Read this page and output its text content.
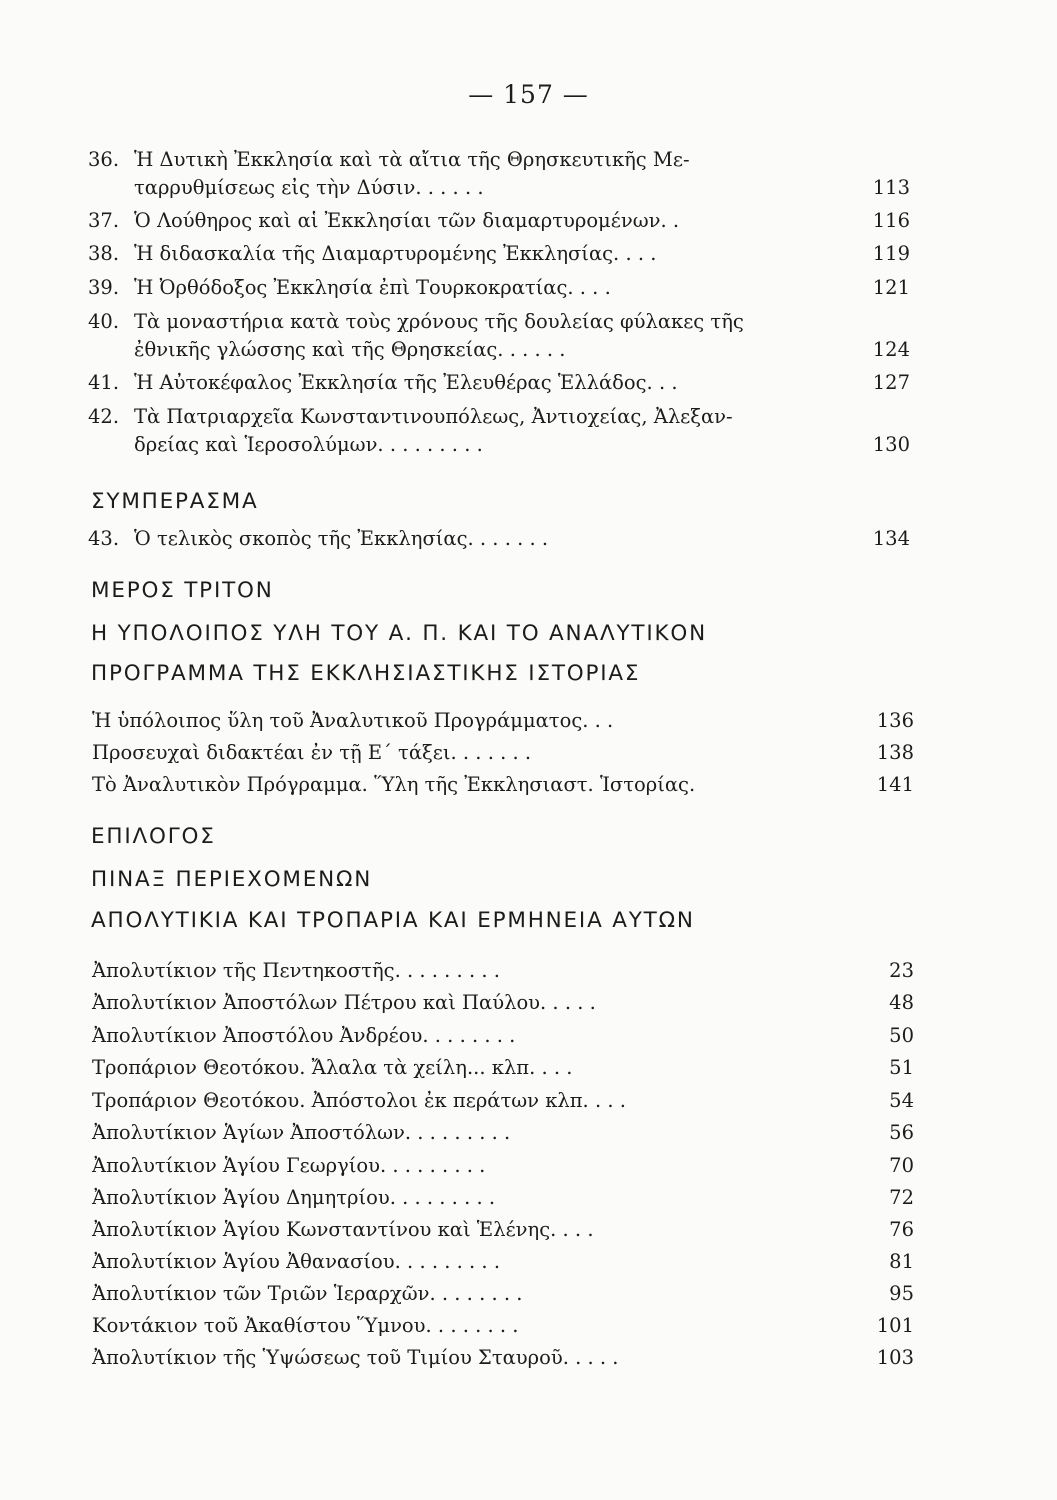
— 157 —
36. Ἡ Δυτικὴ Ἐκκλησία καὶ τὰ αἴτια τῆς Θρησκευτικῆς Με-
ταρρυθμίσεως εἰς τὴν Δύσιν. . . . . .	113
37. Ὁ Λούθηρος καὶ αἱ Ἐκκλησίαι τῶν διαμαρτυρομένων. .	116
38. Ἡ διδασκαλία τῆς Διαμαρτυρομένης Ἐκκλησίας. . . .	119
39. Ἡ Ὀρθόδοξος Ἐκκλησία ἐπὶ Τουρκοκρατίας. . . .	121
40. Τὰ μοναστήρια κατὰ τοὺς χρόνους τῆς δουλείας φύλακες τῆς
ἐθνικῆς γλώσσης καὶ τῆς Θρησκείας. . . . . .	124
41. Ἡ Αὐτοκέφαλος Ἐκκλησία τῆς Ἐλευθέρας Ἑλλάδος. . .	127
42. Τὰ Πατριαρχεῖα Κωνσταντινουπόλεως, Ἀντιοχείας, Ἀλεξαν-
δρείας καὶ Ἱεροσολύμων. . . . . . . . .	130
ΣΥΜΠΕΡΑΣΜΑ
43. Ὁ τελικὸς σκοπὸς τῆς Ἐκκλησίας. . . . . . .	134
ΜΕΡΟΣ ΤΡΙΤΟΝ
Η ΥΠΟΛΟΙΠΟΣ ΥΛΗ ΤΟΥ Α. Π. ΚΑΙ ΤΟ ΑΝΑΛΥΤΙΚΟΝ
ΠΡΟΓΡΑΜΜΑ ΤΗΣ ΕΚΚΛΗΣΙΑΣΤΙΚΗΣ ΙΣΤΟΡΙΑΣ
Ἡ ὑπόλοιπος ὕλη τοῦ Ἀναλυτικοῦ Προγράμματος. . .	136
Προσευχαὶ διδακτέαι ἐν τῇ Ε΄ τάξει. . . . . . .	138
Τὸ Ἀναλυτικὸν Πρόγραμμα. Ὕλη τῆς Ἐκκλησιαστ. Ἱστορίας.	141
ΕΠΙΛΟΓΟΣ
ΠΙΝΑΞ ΠΕΡΙΕΧΟΜΕΝΩΝ
ΑΠΟΛΥΤΙΚΙΑ ΚΑΙ ΤΡΟΠΑΡΙΑ ΚΑΙ ΕΡΜΗΝΕΙΑ ΑΥΤΩΝ
Ἀπολυτίκιον τῆς Πεντηκοστῆς. . . . . . . . .	23
Ἀπολυτίκιον Ἀποστόλων Πέτρου καὶ Παύλου. . . . .	48
Ἀπολυτίκιον Ἀποστόλου Ἀνδρέου. . . . . . . .	50
Τροπάριον Θεοτόκου. Ἄλαλα τὰ χείλη... κλπ. . . .	51
Τροπάριον Θεοτόκου. Ἀπόστολοι ἐκ περάτων κλπ. . . .	54
Ἀπολυτίκιον Ἁγίων Ἀποστόλων. . . . . . . . .	56
Ἀπολυτίκιον Ἁγίου Γεωργίου. . . . . . . . .	70
Ἀπολυτίκιον Ἁγίου Δημητρίου. . . . . . . . .	72
Ἀπολυτίκιον Ἁγίου Κωνσταντίνου καὶ Ἑλένης. . . .	76
Ἀπολυτίκιον Ἁγίου Ἀθανασίου. . . . . . . . .	81
Ἀπολυτίκιον τῶν Τριῶν Ἱεραρχῶν. . . . . . . .	95
Κοντάκιον τοῦ Ἀκαθίστου Ὕμνου. . . . . . . .	101
Ἀπολυτίκιον τῆς Ὑψώσεως τοῦ Τιμίου Σταυροῦ. . . . .	103
